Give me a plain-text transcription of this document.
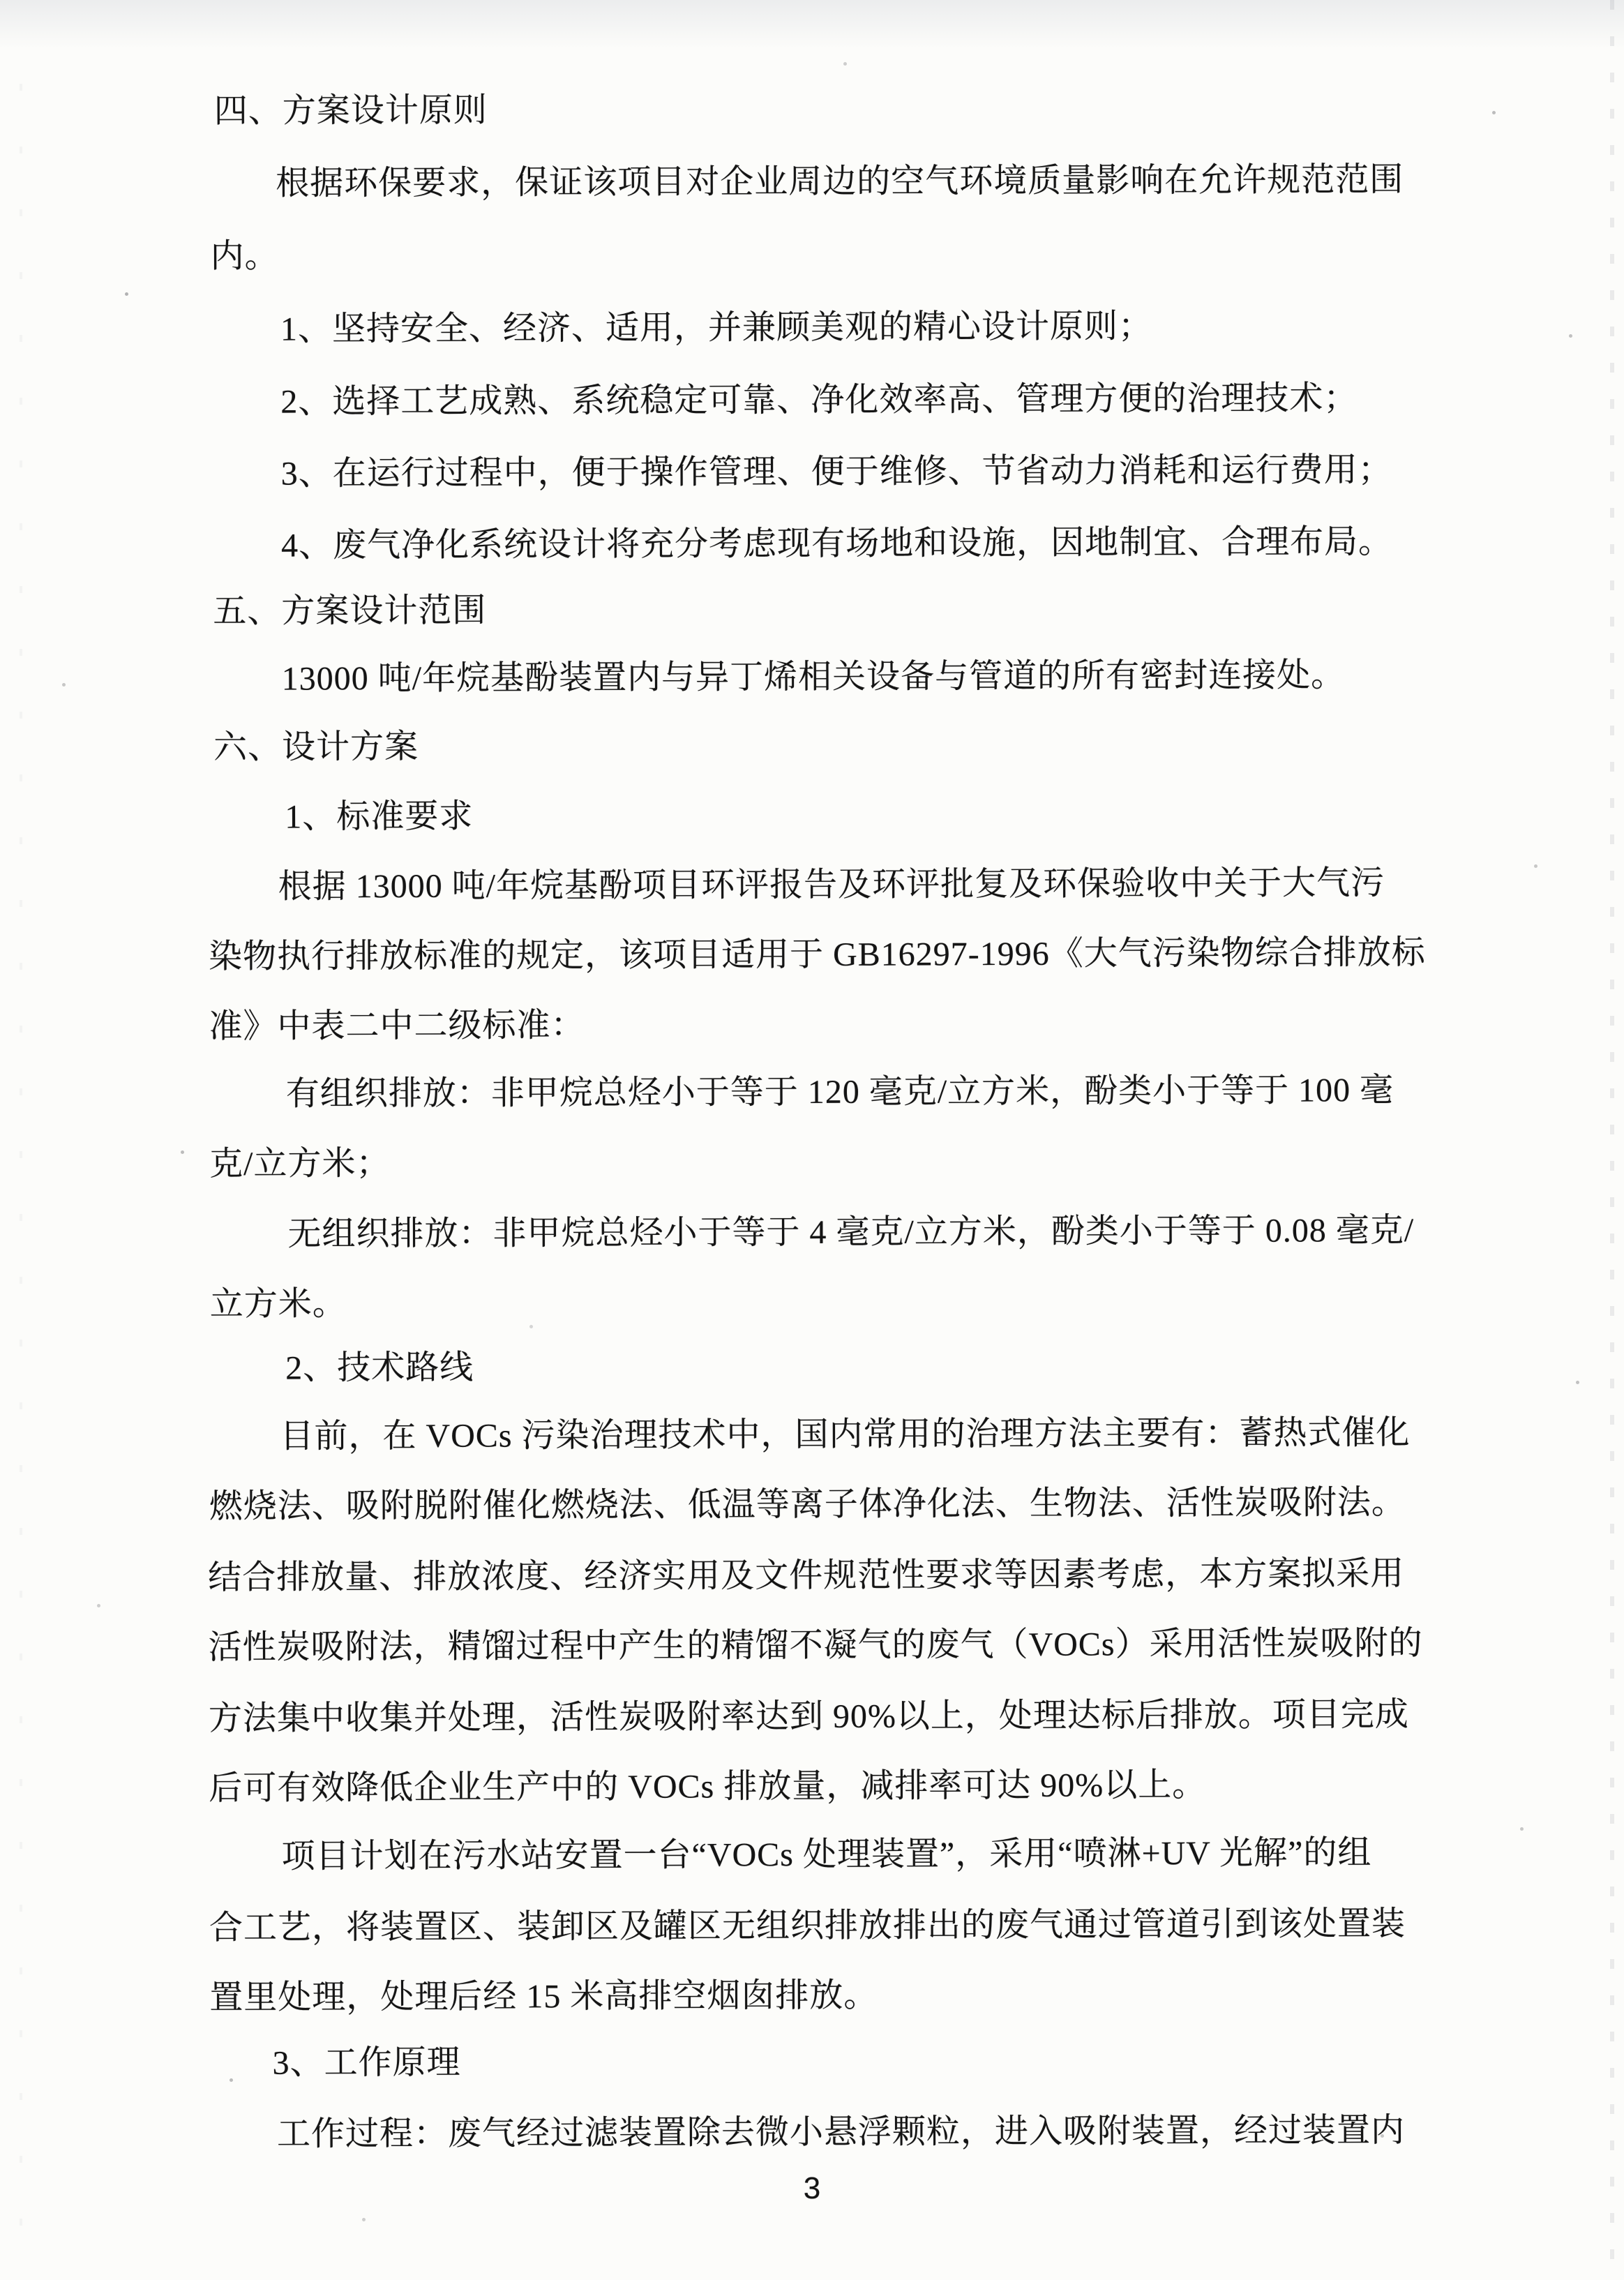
四、方案设计原则
根据环保要求，保证该项目对企业周边的空气环境质量影响在允许规范范围
内。
1、坚持安全、经济、适用，并兼顾美观的精心设计原则；
2、选择工艺成熟、系统稳定可靠、净化效率高、管理方便的治理技术；
3、在运行过程中，便于操作管理、便于维修、节省动力消耗和运行费用；
4、废气净化系统设计将充分考虑现有场地和设施，因地制宜、合理布局。
五、方案设计范围
13000 吨/年烷基酚装置内与异丁烯相关设备与管道的所有密封连接处。
六、设计方案
1、标准要求
根据 13000 吨/年烷基酚项目环评报告及环评批复及环保验收中关于大气污
染物执行排放标准的规定，该项目适用于 GB16297-1996《大气污染物综合排放标
准》中表二中二级标准：
有组织排放：非甲烷总烃小于等于 120 毫克/立方米，酚类小于等于 100 毫
克/立方米；
无组织排放：非甲烷总烃小于等于 4 毫克/立方米，酚类小于等于 0.08 毫克/
立方米。
2、技术路线
目前，在 VOCs 污染治理技术中，国内常用的治理方法主要有：蓄热式催化
燃烧法、吸附脱附催化燃烧法、低温等离子体净化法、生物法、活性炭吸附法。
结合排放量、排放浓度、经济实用及文件规范性要求等因素考虑，本方案拟采用
活性炭吸附法，精馏过程中产生的精馏不凝气的废气（VOCs）采用活性炭吸附的
方法集中收集并处理，活性炭吸附率达到 90%以上，处理达标后排放。项目完成
后可有效降低企业生产中的 VOCs 排放量，减排率可达 90%以上。
项目计划在污水站安置一台“VOCs 处理装置”，采用“喷淋+UV 光解”的组
合工艺，将装置区、装卸区及罐区无组织排放排出的废气通过管道引到该处置装
置里处理，处理后经 15 米高排空烟囱排放。
3、工作原理
工作过程：废气经过滤装置除去微小悬浮颗粒，进入吸附装置，经过装置内
3
